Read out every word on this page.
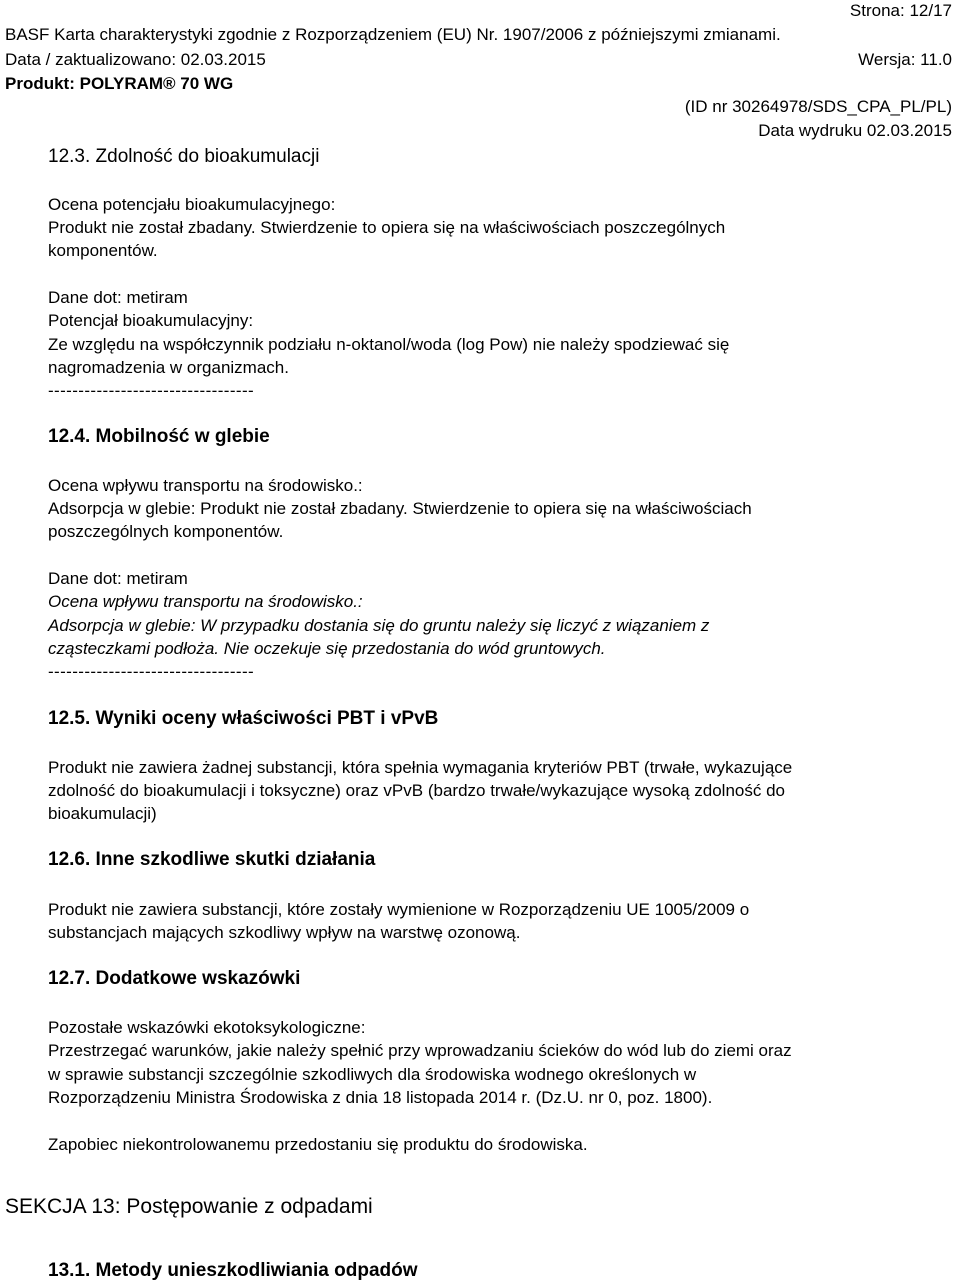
Strona: 12/17
BASF Karta charakterystyki zgodnie z Rozporządzeniem (EU) Nr. 1907/2006 z późniejszymi zmianami.
Data / zaktualizowano: 02.03.2015	Wersja: 11.0
Produkt: POLYRAM® 70 WG
(ID nr 30264978/SDS_CPA_PL/PL)
Data wydruku 02.03.2015
12.3. Zdolność do bioakumulacji
Ocena potencjału bioakumulacyjnego:
Produkt nie został zbadany. Stwierdzenie to opiera się na właściwościach poszczególnych
komponentów.
Dane dot: metiram
Potencjał bioakumulacyjny:
Ze względu na współczynnik podziału n-oktanol/woda (log Pow) nie należy spodziewać się
nagromadzenia w organizmach.
----------------------------------
12.4. Mobilność w glebie
Ocena wpływu transportu na środowisko.:
Adsorpcja w glebie: Produkt nie został zbadany. Stwierdzenie to opiera się na właściwościach
poszczególnych komponentów.
Dane dot: metiram
Ocena wpływu transportu na środowisko.:
Adsorpcja w glebie: W przypadku dostania się do gruntu należy się liczyć z wiązaniem z
cząsteczkami podłoża. Nie oczekuje się przedostania do wód gruntowych.
----------------------------------
12.5. Wyniki oceny właściwości PBT i vPvB
Produkt nie zawiera żadnej substancji, która spełnia wymagania kryteriów PBT (trwałe, wykazujące
zdolność do bioakumulacji i toksyczne) oraz vPvB (bardzo trwałe/wykazujące wysoką zdolność do
bioakumulacji)
12.6. Inne szkodliwe skutki działania
Produkt nie zawiera substancji, które zostały wymienione w Rozporządzeniu UE 1005/2009 o
substancjach mających szkodliwy wpływ na warstwę ozonową.
12.7. Dodatkowe wskazówki
Pozostałe wskazówki ekotoksykologiczne:
Przestrzegać warunków, jakie należy spełnić przy wprowadzaniu ścieków do wód lub do ziemi oraz
w sprawie substancji szczególnie szkodliwych dla środowiska wodnego określonych w
Rozporządzeniu Ministra Środowiska z dnia 18 listopada 2014 r. (Dz.U. nr 0, poz. 1800).
Zapobiec niekontrolowanemu przedostaniu się produktu do środowiska.
SEKCJA 13: Postępowanie z odpadami
13.1. Metody unieszkodliwiania odpadów
